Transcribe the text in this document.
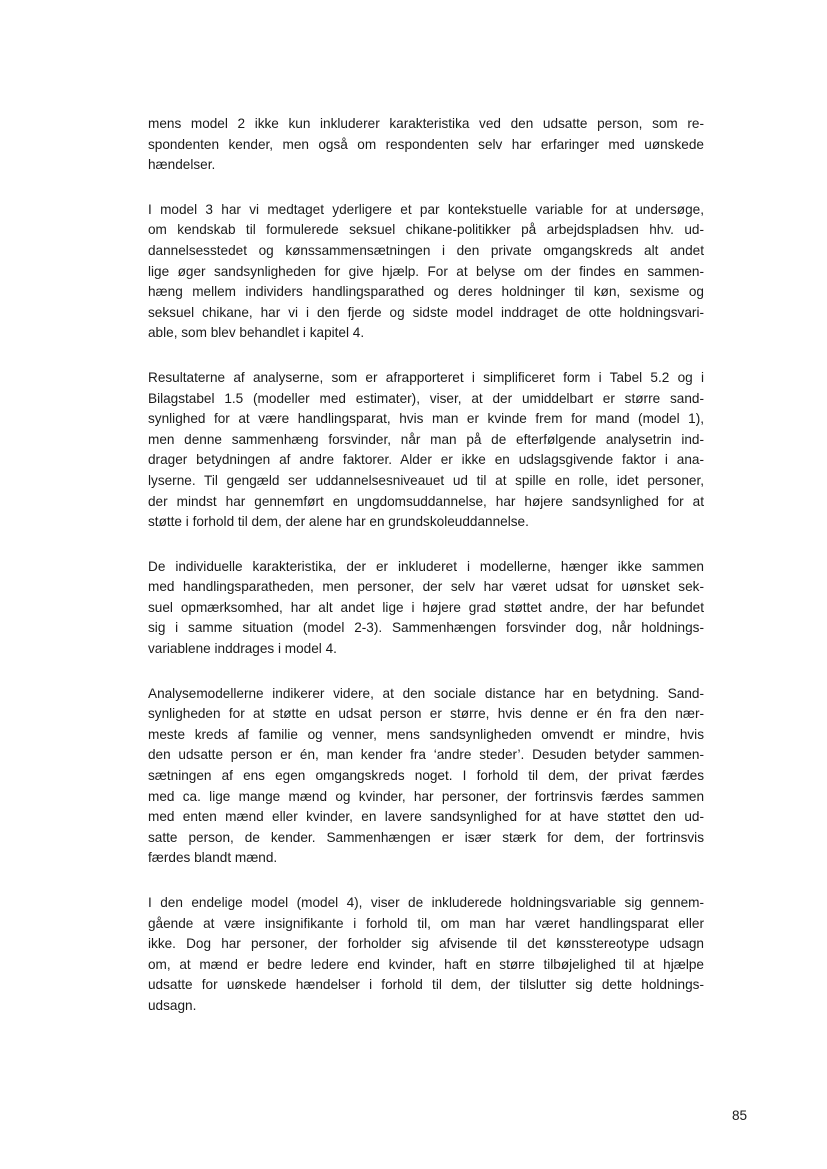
mens model 2 ikke kun inkluderer karakteristika ved den udsatte person, som re-
spondenten kender, men også om respondenten selv har erfaringer med uønskede
hændelser.
I model 3 har vi medtaget yderligere et par kontekstuelle variable for at undersøge,
om kendskab til formulerede seksuel chikane-politikker på arbejdspladsen hhv. ud-
dannelsesstedet og kønssammensætningen i den private omgangskreds alt andet
lige øger sandsynligheden for give hjælp. For at belyse om der findes en sammen-
hæng mellem individers handlingsparathed og deres holdninger til køn, sexisme og
seksuel chikane, har vi i den fjerde og sidste model inddraget de otte holdningsvari-
able, som blev behandlet i kapitel 4.
Resultaterne af analyserne, som er afrapporteret i simplificeret form i Tabel 5.2 og i
Bilagstabel 1.5 (modeller med estimater), viser, at der umiddelbart er større sand-
synlighed for at være handlingsparat, hvis man er kvinde frem for mand (model 1),
men denne sammenhæng forsvinder, når man på de efterfølgende analysetrin ind-
drager betydningen af andre faktorer. Alder er ikke en udslagsgivende faktor i ana-
lyserne. Til gengæld ser uddannelsesniveauet ud til at spille en rolle, idet personer,
der mindst har gennemført en ungdomsuddannelse, har højere sandsynlighed for at
støtte i forhold til dem, der alene har en grundskoleuddannelse.
De individuelle karakteristika, der er inkluderet i modellerne, hænger ikke sammen
med handlingsparatheden, men personer, der selv har været udsat for uønsket sek-
suel opmærksomhed, har alt andet lige i højere grad støttet andre, der har befundet
sig i samme situation (model 2-3). Sammenhængen forsvinder dog, når holdnings-
variablene inddrages i model 4.
Analysemodellerne indikerer videre, at den sociale distance har en betydning. Sand-
synligheden for at støtte en udsat person er større, hvis denne er én fra den nær-
meste kreds af familie og venner, mens sandsynligheden omvendt er mindre, hvis
den udsatte person er én, man kender fra ‘andre steder’. Desuden betyder sammen-
sætningen af ens egen omgangskreds noget. I forhold til dem, der privat færdes
med ca. lige mange mænd og kvinder, har personer, der fortrinsvis færdes sammen
med enten mænd eller kvinder, en lavere sandsynlighed for at have støttet den ud-
satte person, de kender. Sammenhængen er især stærk for dem, der fortrinsvis
færdes blandt mænd.
I den endelige model (model 4), viser de inkluderede holdningsvariable sig gennem-
gående at være insignifikante i forhold til, om man har været handlingsparat eller
ikke. Dog har personer, der forholder sig afvisende til det kønsstereotype udsagn
om, at mænd er bedre ledere end kvinder, haft en større tilbøjelighed til at hjælpe
udsatte for uønskede hændelser i forhold til dem, der tilslutter sig dette holdnings-
udsagn.
85
